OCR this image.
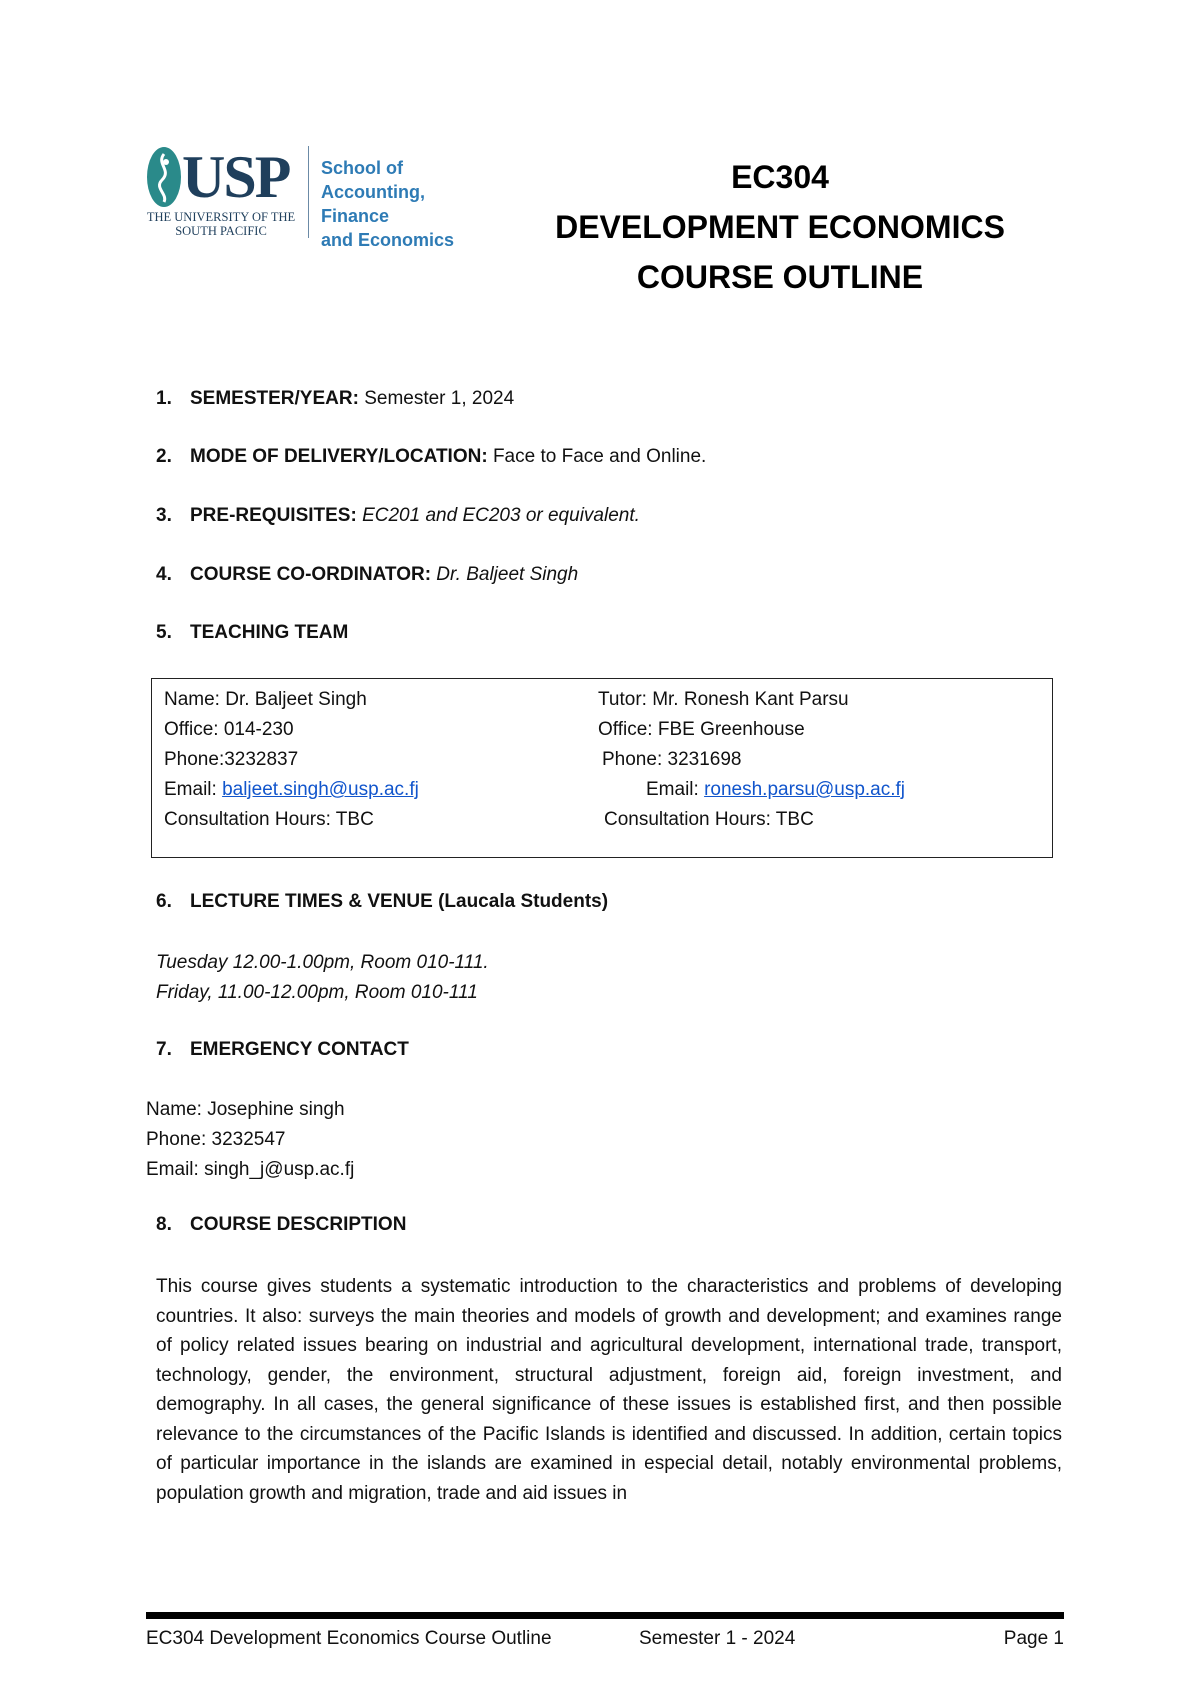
USP
THE UNIVERSITY OF THE
SOUTH PACIFIC
School of
Accounting, Finance
and Economics
EC304
DEVELOPMENT ECONOMICS
COURSE OUTLINE
1. SEMESTER/YEAR: Semester 1, 2024
2. MODE OF DELIVERY/LOCATION: Face to Face and Online.
3. PRE-REQUISITES: EC201 and EC203 or equivalent.
4. COURSE CO-ORDINATOR: Dr. Baljeet Singh
5. TEACHING TEAM
Name: Dr. Baljeet Singh
Office: 014-230
Phone:3232837
Email: baljeet.singh@usp.ac.fj
Consultation Hours: TBC
Tutor: Mr. Ronesh Kant Parsu
Office: FBE Greenhouse
Phone: 3231698
Email: ronesh.parsu@usp.ac.fj
Consultation Hours: TBC
6. LECTURE TIMES & VENUE (Laucala Students)
Tuesday 12.00-1.00pm, Room 010-111.
Friday, 11.00-12.00pm, Room 010-111
7. EMERGENCY CONTACT
Name: Josephine singh
Phone: 3232547
Email: singh_j@usp.ac.fj
8. COURSE DESCRIPTION
This course gives students a systematic introduction to the characteristics and problems of developing countries. It also: surveys the main theories and models of growth and development; and examines range of policy related issues bearing on industrial and agricultural development, international trade, transport, technology, gender, the environment, structural adjustment, foreign aid, foreign investment, and demography. In all cases, the general significance of these issues is established first, and then possible relevance to the circumstances of the Pacific Islands is identified and discussed. In addition, certain topics of particular importance in the islands are examined in especial detail, notably environmental problems, population growth and migration, trade and aid issues in
EC304 Development Economics Course Outline	Semester 1 - 2024	Page 1
